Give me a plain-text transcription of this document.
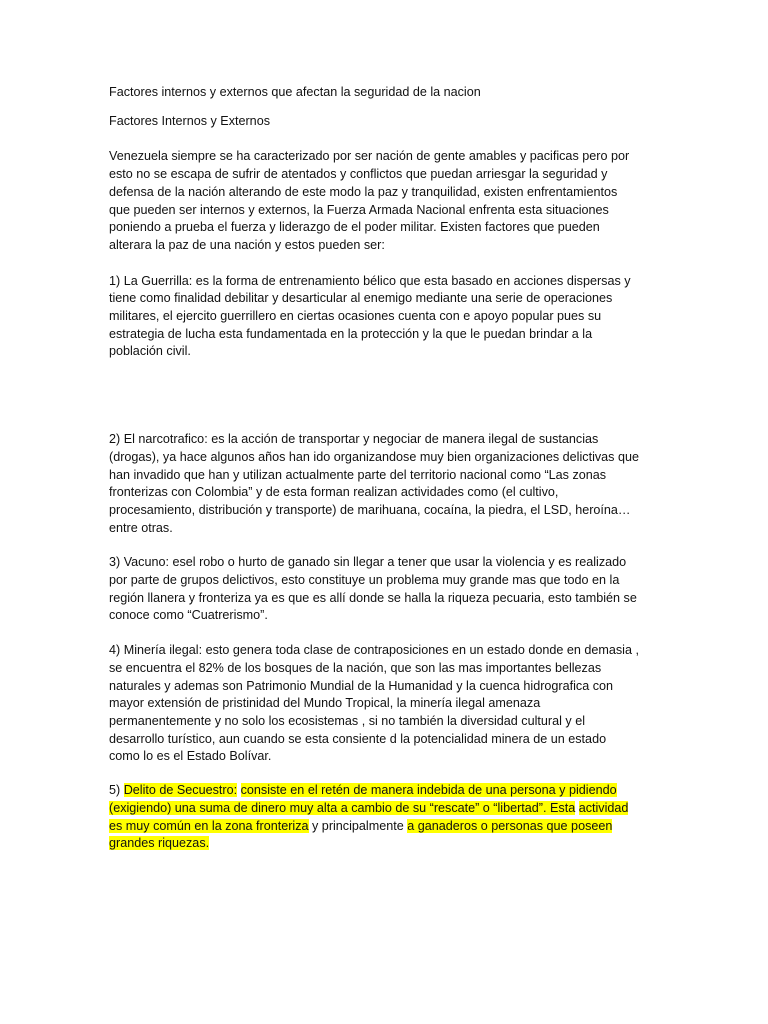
Factores internos y externos que afectan la seguridad de la nacion

Factores Internos y Externos

Venezuela siempre se ha caracterizado por ser nación de gente amables y pacificas pero por
esto no se escapa de sufrir de atentados y conflictos que puedan arriesgar la seguridad y
defensa de la nación alterando de este modo la paz y tranquilidad, existen enfrentamientos
que pueden ser internos y externos, la Fuerza Armada Nacional enfrenta esta situaciones
poniendo a prueba el fuerza y liderazgo de el poder militar. Existen factores que pueden
alterara la paz de una nación y estos pueden ser:

1) La Guerrilla: es la forma de entrenamiento bélico que esta basado en acciones dispersas y
tiene como finalidad debilitar y desarticular al enemigo mediante una serie de operaciones
militares, el ejercito guerrillero en ciertas ocasiones cuenta con e apoyo popular pues su
estrategia de lucha esta fundamentada en la protección y la que le puedan brindar a la
población civil.

2) El narcotrafico: es la acción de transportar y negociar de manera ilegal de sustancias
(drogas), ya hace algunos años han ido organizandose muy bien organizaciones delictivas que
han invadido que han y utilizan actualmente parte del territorio nacional como “Las zonas
fronterizas con Colombia” y de esta forman realizan actividades como (el cultivo,
procesamiento, distribución y transporte) de marihuana, cocaína, la piedra, el LSD, heroína…
entre otras.

3) Vacuno: esel robo o hurto de ganado sin llegar a tener que usar la violencia y es realizado
por parte de grupos delictivos, esto constituye un problema muy grande mas que todo en la
región llanera y fronteriza ya es que es allí donde se halla la riqueza pecuaria, esto también se
conoce como “Cuatrerismo”.

4) Minería ilegal: esto genera toda clase de contraposiciones en un estado donde en demasia ,
se encuentra el 82% de los bosques de la nación, que son las mas importantes bellezas
naturales y ademas son Patrimonio Mundial de la Humanidad y la cuenca hidrografica con
mayor extensión de pristinidad del Mundo Tropical, la minería ilegal amenaza
permanentemente y no solo los ecosistemas , si no también la diversidad cultural y el
desarrollo turístico, aun cuando se esta consiente d la potencialidad minera de un estado
como lo es el Estado Bolívar.

5) Delito de Secuestro: consiste en el retén de manera indebida de una persona y pidiendo
(exigiendo) una suma de dinero muy alta a cambio de su “rescate” o “libertad”. Esta actividad
es muy común en la zona fronteriza y principalmente a ganaderos o personas que poseen
grandes riquezas.
